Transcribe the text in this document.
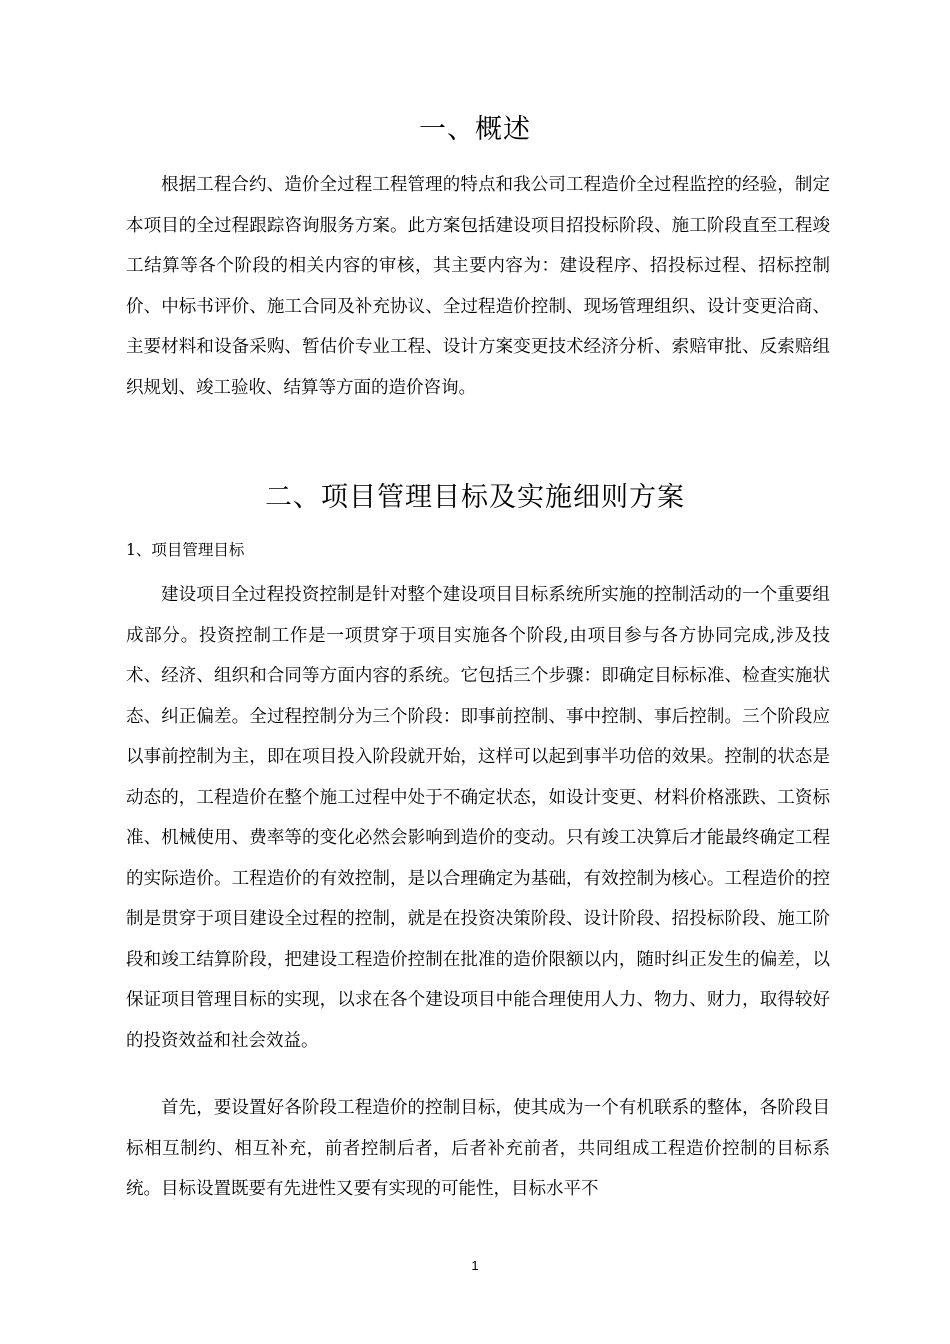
一、概述

根据工程合约、造价全过程工程管理的特点和我公司工程造价全过程监控的经验，制定本项目的全过程跟踪咨询服务方案。此方案包括建设项目招投标阶段、施工阶段直至工程竣工结算等各个阶段的相关内容的审核，其主要内容为：建设程序、招投标过程、招标控制价、中标书评价、施工合同及补充协议、全过程造价控制、现场管理组织、设计变更洽商、主要材料和设备采购、暂估价专业工程、设计方案变更技术经济分析、索赔审批、反索赔组织规划、竣工验收、结算等方面的造价咨询。

二、项目管理目标及实施细则方案

1、项目管理目标

建设项目全过程投资控制是针对整个建设项目目标系统所实施的控制活动的一个重要组成部分。投资控制工作是一项贯穿于项目实施各个阶段,由项目参与各方协同完成,涉及技术、经济、组织和合同等方面内容的系统。它包括三个步骤：即确定目标标准、检查实施状态、纠正偏差。全过程控制分为三个阶段：即事前控制、事中控制、事后控制。三个阶段应以事前控制为主，即在项目投入阶段就开始，这样可以起到事半功倍的效果。控制的状态是动态的，工程造价在整个施工过程中处于不确定状态，如设计变更、材料价格涨跌、工资标准、机械使用、费率等的变化必然会影响到造价的变动。只有竣工决算后才能最终确定工程的实际造价。工程造价的有效控制，是以合理确定为基础，有效控制为核心。工程造价的控制是贯穿于项目建设全过程的控制，就是在投资决策阶段、设计阶段、招投标阶段、施工阶段和竣工结算阶段，把建设工程造价控制在批准的造价限额以内，随时纠正发生的偏差，以保证项目管理目标的实现，以求在各个建设项目中能合理使用人力、物力、财力，取得较好的投资效益和社会效益。

首先，要设置好各阶段工程造价的控制目标，使其成为一个有机联系的整体，各阶段目标相互制约、相互补充，前者控制后者，后者补充前者，共同组成工程造价控制的目标系统。目标设置既要有先进性又要有实现的可能性，目标水平不

1
